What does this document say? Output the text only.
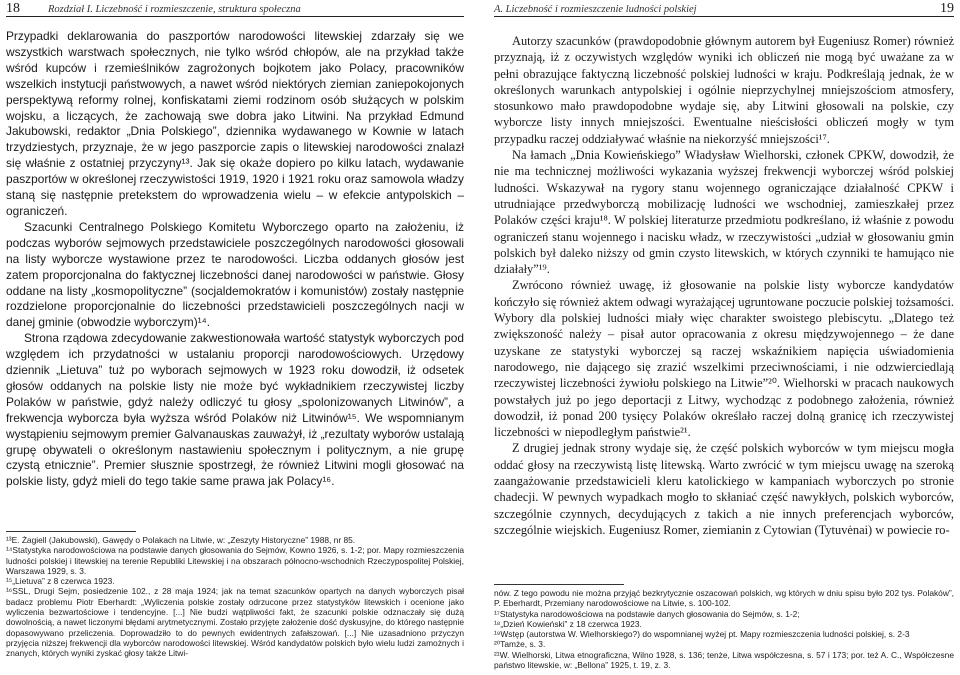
18	Rozdział I. Liczebność i rozmieszczenie, struktura społeczna

Przypadki deklarowania do paszportów narodowości litewskiej zdarzały się we wszystkich warstwach społecznych, nie tylko wśród chłopów, ale na przykład także wśród kupców i rzemieślników zagrożonych bojkotem jako Polacy, pracowników wszelkich instytucji państwowych, a nawet wśród niektórych ziemian zaniepokojonych perspektywą reformy rolnej, konfiskatami ziemi rodzinom osób służących w polskim wojsku, a liczących, że zachowają swe dobra jako Litwini. Na przykład Edmund Jakubowski, redaktor „Dnia Polskiego”, dziennika wydawanego w Kownie w latach trzydziestych, przyznaje, że w jego paszporcie zapis o litewskiej narodowości znalazł się właśnie z ostatniej przyczyny¹³. Jak się okaże dopiero po kilku latach, wydawanie paszportów w określonej rzeczywistości 1919, 1920 i 1921 roku oraz samowola władzy staną się następnie pretekstem do wprowadzenia wielu – w efekcie antypolskich – ograniczeń.

Szacunki Centralnego Polskiego Komitetu Wyborczego oparto na założeniu, iż podczas wyborów sejmowych przedstawiciele poszczególnych narodowości głosowali na listy wyborcze wystawione przez te narodowości. Liczba oddanych głosów jest zatem proporcjonalna do faktycznej liczebności danej narodowości w państwie. Głosy oddane na listy „kosmopolityczne” (socjaldemokratów i komunistów) zostały następnie rozdzielone proporcjonalnie do liczebności przedstawicieli poszczególnych nacji w danej gminie (obwodzie wyborczym)¹⁴.

Strona rządowa zdecydowanie zakwestionowała wartość statystyk wyborczych pod względem ich przydatności w ustalaniu proporcji narodowościowych. Urzędowy dziennik „Lietuva” tuż po wyborach sejmowych w 1923 roku dowodził, iż odsetek głosów oddanych na polskie listy nie może być wykładnikiem rzeczywistej liczby Polaków w państwie, gdyż należy odliczyć tu głosy „spolonizowanych Litwinów”, a frekwencja wyborcza była wyższa wśród Polaków niż Litwinów¹⁵. We wspomnianym wystąpieniu sejmowym premier Galvanauskas zauważył, iż „rezultaty wyborów ustalają grupę obywateli o określonym nastawieniu społecznym i politycznym, a nie grupę czystą etnicznie”. Premier słusznie spostrzegł, że również Litwini mogli głosować na polskie listy, gdyż mieli do tego takie same prawa jak Polacy¹⁶.

¹³E. Żagiell (Jakubowski), Gawędy o Polakach na Litwie, w: „Zeszyty Historyczne” 1988, nr 85.

¹⁴Statystyka narodowościowa na podstawie danych głosowania do Sejmów, Kowno 1926, s. 1-2; por. Mapy rozmieszczenia ludności polskiej i litewskiej na terenie Republiki Litewskiej i na obszarach północno-wschodnich Rzeczypospolitej Polskiej, Warszawa 1929, s. 3.

¹⁵„Lietuva” z 8 czerwca 1923.

¹⁶SSL, Drugi Sejm, posiedzenie 102., z 28 maja 1924; jak na temat szacunków opartych na danych wyborczych pisał badacz problemu Piotr Eberhardt: „Wyliczenia polskie zostały odrzucone przez statystyków litewskich i ocenione jako wyliczenia bezwartościowe i tendencyjne. [...] Nie budzi wątpliwości fakt, że szacunki polskie odznaczały się dużą dowolnością, a nawet liczonymi błędami arytmetycznymi. Zostało przyjęte założenie dość dyskusyjne, do którego następnie dopasowywano przeliczenia. Doprowadziło to do pewnych ewidentnych zafałszowań. [...] Nie uzasadniono przyczyn przyjęcia niższej frekwencji dla wyborców narodowości litewskiej. Wśród kandydatów polskich było wielu ludzi zamożnych i znanych, których wyniki zyskać głosy także Litwi-

A. Liczebność i rozmieszczenie ludności polskiej	19

Autorzy szacunków (prawdopodobnie głównym autorem był Eugeniusz Romer) również przyznają, iż z oczywistych względów wyniki ich obliczeń nie mogą być uważane za w pełni obrazujące faktyczną liczebność polskiej ludności w kraju. Podkreślają jednak, że w określonych warunkach antypolskiej i ogólnie nieprzychylnej mniejszościom atmosfery, stosunkowo mało prawdopodobne wydaje się, aby Litwini głosowali na polskie, czy wyborcze listy innych mniejszości. Ewentualne nieścisłości obliczeń mogły w tym przypadku raczej oddziaływać właśnie na niekorzyść mniejszości¹⁷.

Na łamach „Dnia Kowieńskiego” Władysław Wielhorski, członek CPKW, dowodził, że nie ma technicznej możliwości wykazania wyższej frekwencji wyborczej wśród polskiej ludności. Wskazywał na rygory stanu wojennego ograniczające działalność CPKW i utrudniające przedwyborczą mobilizację ludności we wschodniej, zamieszkałej przez Polaków części kraju¹⁸. W polskiej literaturze przedmiotu podkreślano, iż właśnie z powodu ograniczeń stanu wojennego i nacisku władz, w rzeczywistości „udział w głosowaniu gmin polskich był daleko niższy od gmin czysto litewskich, w których czynniki te hamująco nie działały”¹⁹.

Zwrócono również uwagę, iż głosowanie na polskie listy wyborcze kandydatów kończyło się również aktem odwagi wyrażającej ugruntowane poczucie polskiej tożsamości. Wybory dla polskiej ludności miały więc charakter swoistego plebiscytu. „Dlatego też zwiększoność należy – pisał autor opracowania z okresu międzywojennego – że dane uzyskane ze statystyki wyborczej są raczej wskaźnikiem napięcia uświadomienia narodowego, nie dającego się zrazić wszelkimi przeciwnościami, i nie odzwierciedlają rzeczywistej liczebności żywiołu polskiego na Litwie”²⁰. Wielhorski w pracach naukowych powstałych już po jego deportacji z Litwy, wychodząc z podobnego założenia, również dowodził, iż ponad 200 tysięcy Polaków określało raczej dolną granicę ich rzeczywistej liczebności w niepodległym państwie²¹.

Z drugiej jednak strony wydaje się, że część polskich wyborców w tym miejscu mogła oddać głosy na rzeczywistą listę litewską. Warto zwrócić w tym miejscu uwagę na szeroką zaangażowanie przedstawicieli kleru katolickiego w kampaniach wyborczych po stronie chadecji. W pewnych wypadkach mogło to skłaniać część nawykłych, polskich wyborców, szczególnie czynnych, decydujących z takich a nie innych preferencjach wyborców, szczególnie wiejskich. Eugeniusz Romer, ziemianin z Cytowian (Tytuvėnai) w powiecie ro-

nów. Z tego powodu nie można przyjąć bezkrytycznie oszacowań polskich, wg których w dniu spisu było 202 tys. Polaków”, P. Eberhardt, Przemiany narodowościowe na Litwie, s. 100-102.

¹⁷Statystyka narodowościowa na podstawie danych głosowania do Sejmów, s. 1-2;

¹⁸„Dzień Kowieński” z 18 czerwca 1923.

¹⁹Wstęp (autorstwa W. Wielhorskiego?) do wspomnianej wyżej pt. Mapy rozmieszczenia ludności polskiej, s. 2-3

²⁰Tamże, s. 3.

²¹W. Wielhorski, Litwa etnograficzna, Wilno 1928, s. 136; tenże, Litwa współczesna, s. 57 i 173; por. też A. C., Współczesne państwo litewskie, w: „Bellona” 1925, t. 19, z. 3.
